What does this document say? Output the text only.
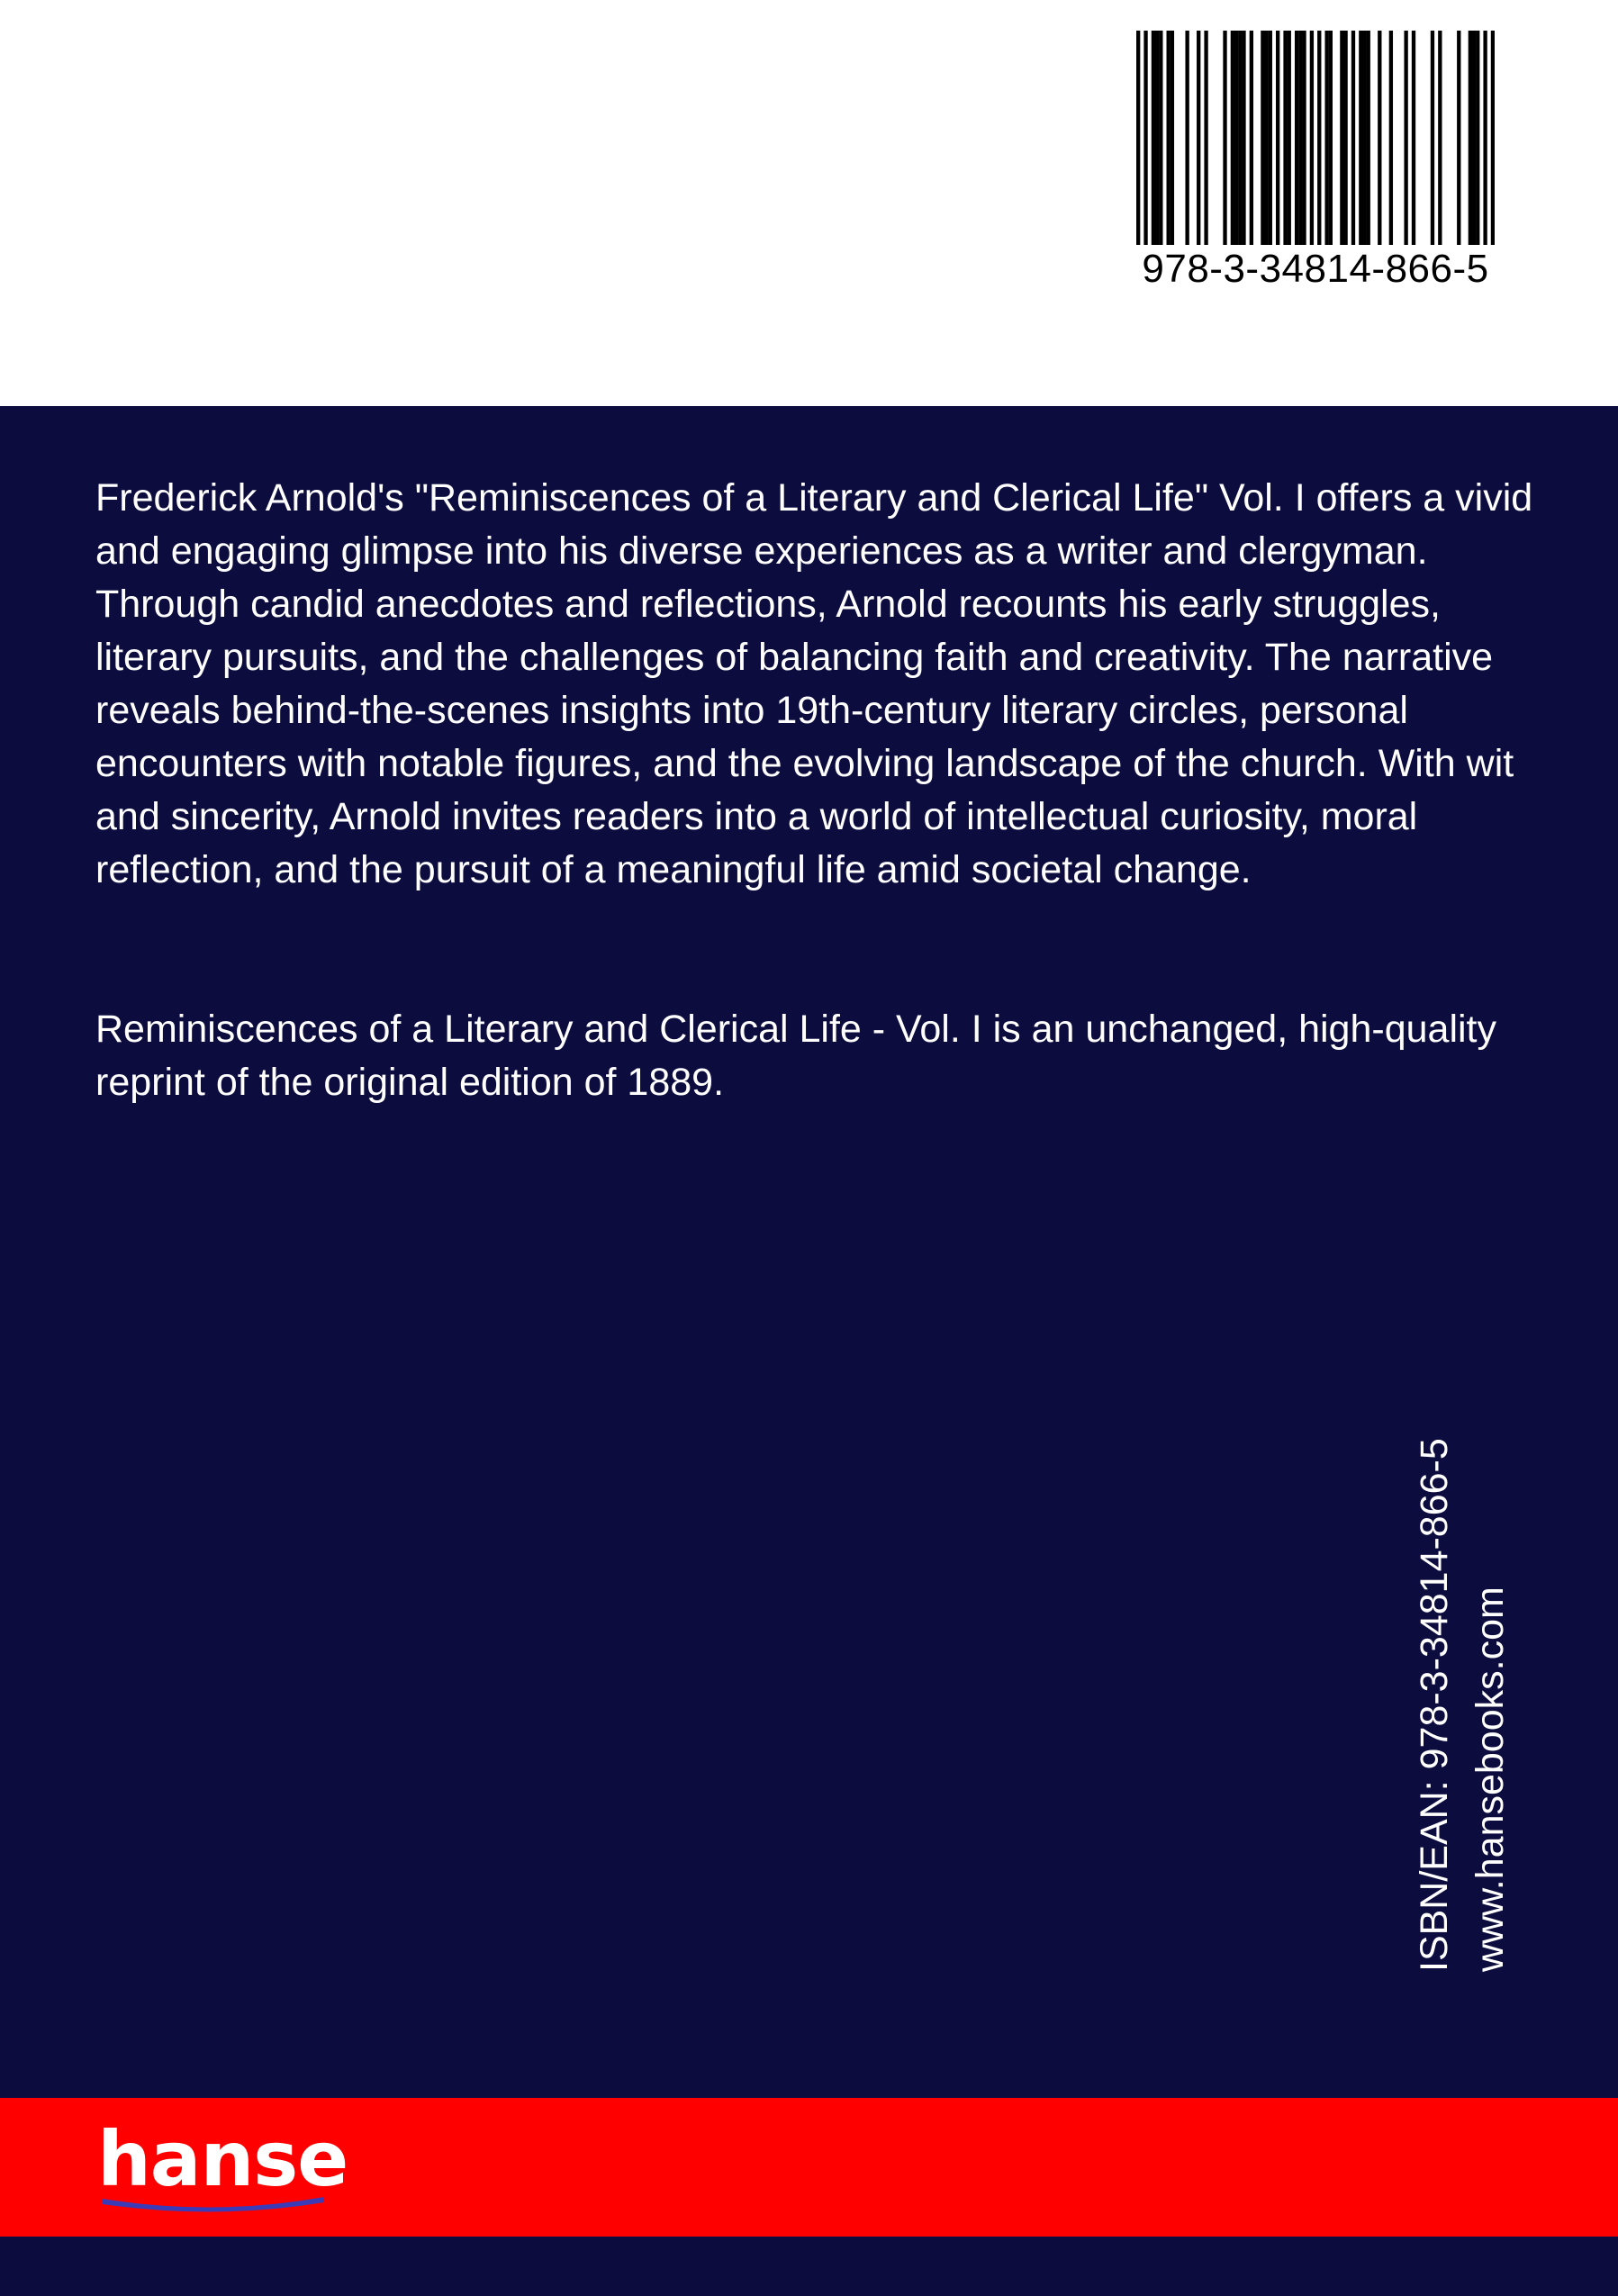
978-3-34814-866-5

Frederick Arnold's "Reminiscences of a Literary and Clerical Life" Vol. I offers a vivid and engaging glimpse into his diverse experiences as a writer and clergyman. Through candid anecdotes and reflections, Arnold recounts his early struggles, literary pursuits, and the challenges of balancing faith and creativity. The narrative reveals behind-the-scenes insights into 19th-century literary circles, personal encounters with notable figures, and the evolving landscape of the church. With wit and sincerity, Arnold invites readers into a world of intellectual curiosity, moral reflection, and the pursuit of a meaningful life amid societal change.

Reminiscences of a Literary and Clerical Life - Vol. I is an unchanged, high-quality reprint of the original edition of 1889.

ISBN/EAN: 978-3-34814-866-5 www.hansebooks.com
hanse
